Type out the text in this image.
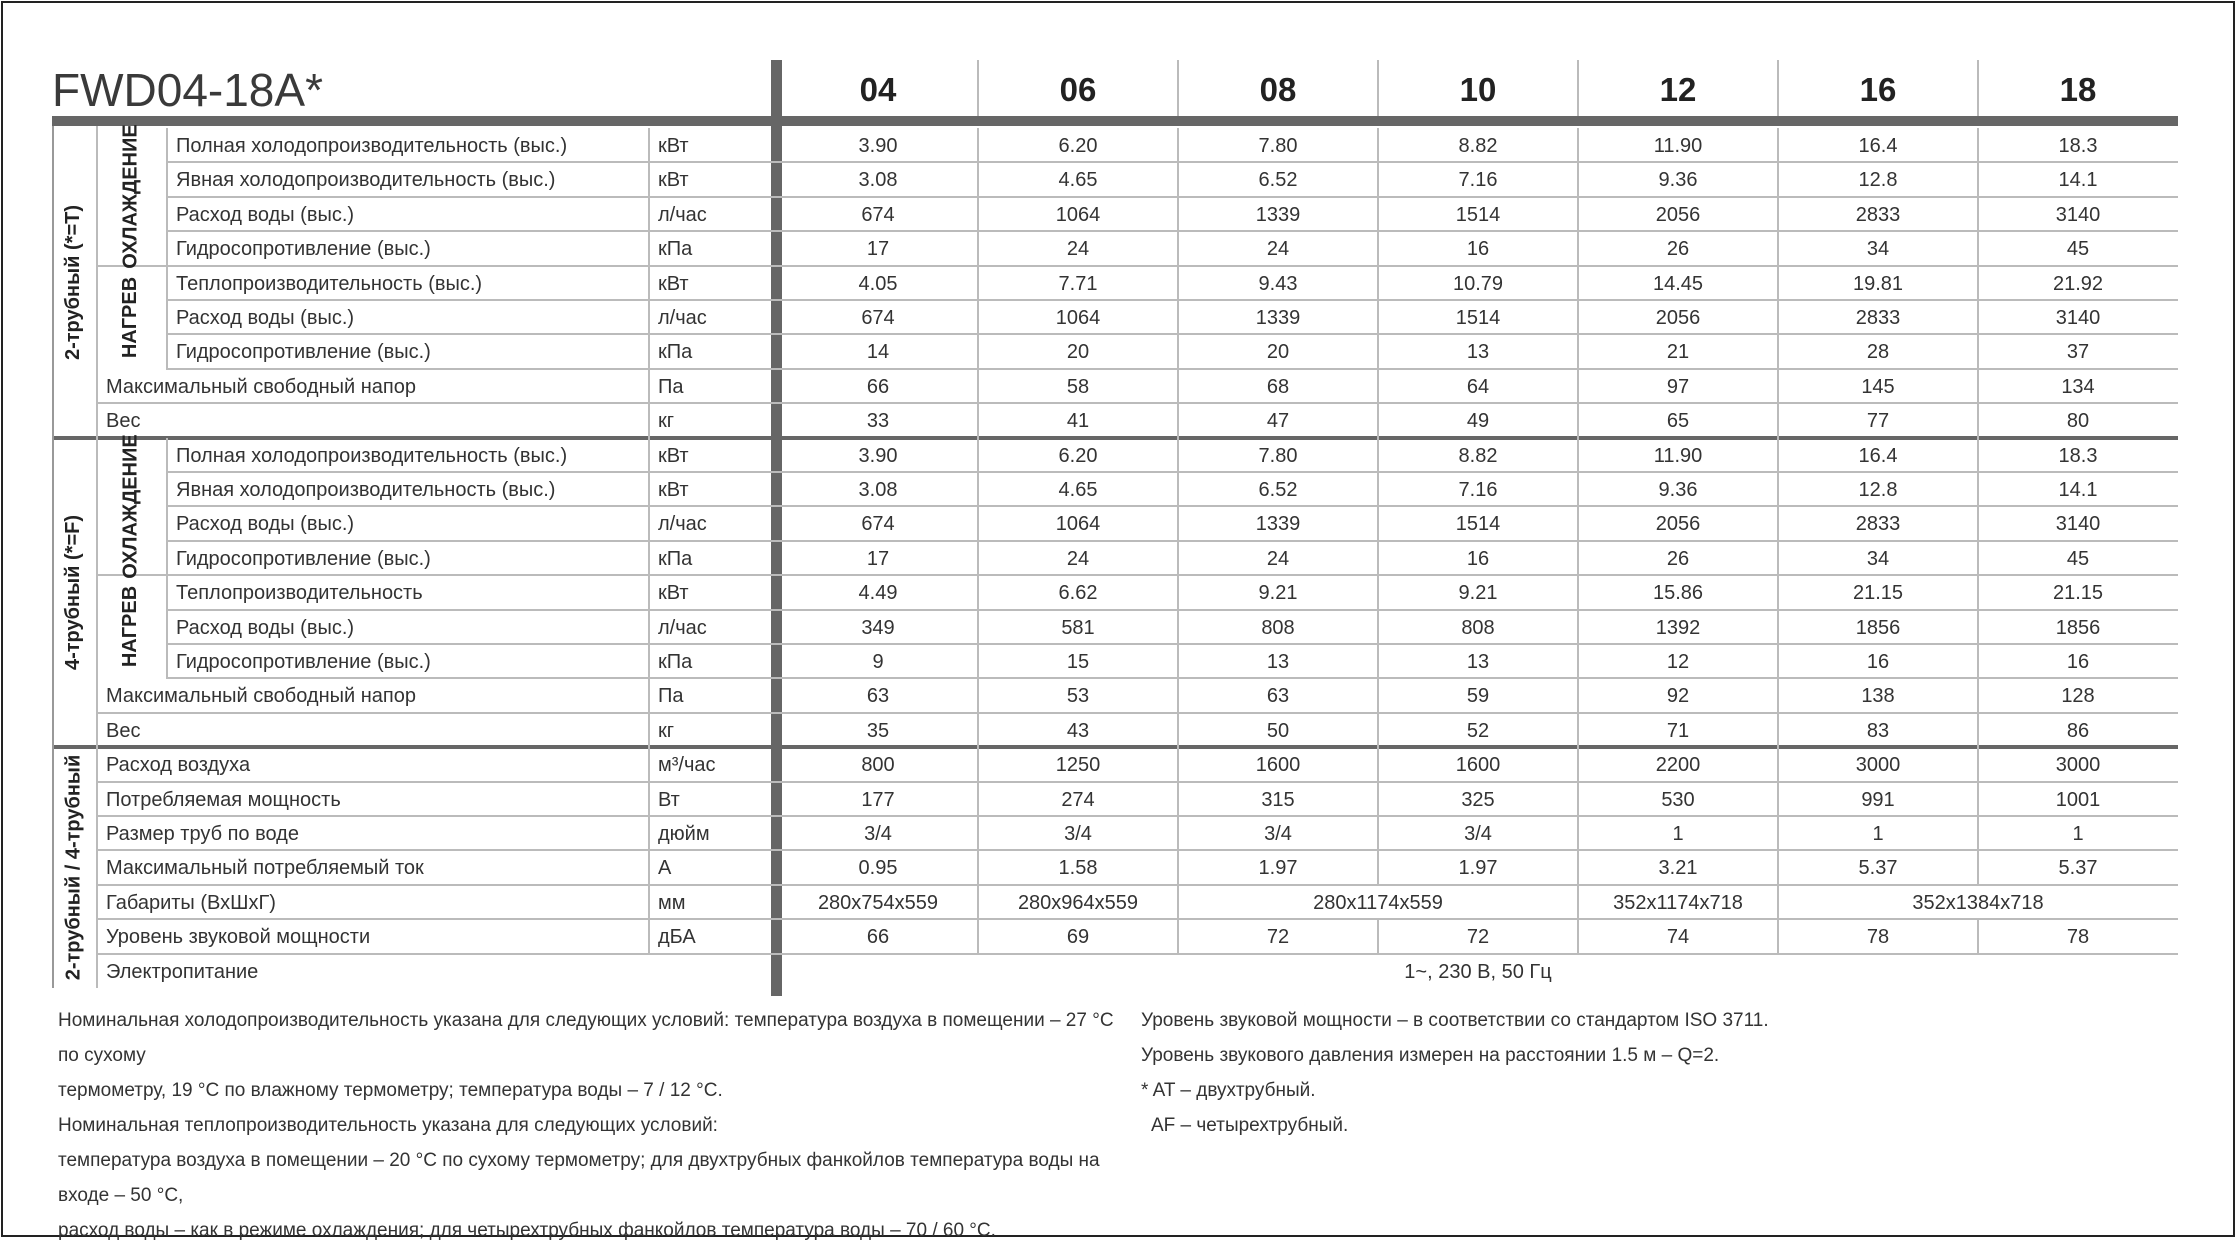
FWD04-18A*	04	06	08	10	12	16	18
2-трубный (*=T)
4-трубный (*=F)
2-трубный / 4-трубный
ОХЛАЖДЕНИЕ
НАГРЕВ
ОХЛАЖДЕНИЕ
НАГРЕВ
Полная холодопроизводительность (выс.)	кВт	3.90	6.20	7.80	8.82	11.90	16.4	18.3
Явная холодопроизводительность (выс.)	кВт	3.08	4.65	6.52	7.16	9.36	12.8	14.1
Расход воды (выс.)	л/час	674	1064	1339	1514	2056	2833	3140
Гидросопротивление (выс.)	кПа	17	24	24	16	26	34	45
Теплопроизводительность (выс.)	кВт	4.05	7.71	9.43	10.79	14.45	19.81	21.92
Расход воды (выс.)	л/час	674	1064	1339	1514	2056	2833	3140
Гидросопротивление (выс.)	кПа	14	20	20	13	21	28	37
Максимальный свободный напор	Па	66	58	68	64	97	145	134
Вес	кг	33	41	47	49	65	77	80
Полная холодопроизводительность (выс.)	кВт	3.90	6.20	7.80	8.82	11.90	16.4	18.3
Явная холодопроизводительность (выс.)	кВт	3.08	4.65	6.52	7.16	9.36	12.8	14.1
Расход воды (выс.)	л/час	674	1064	1339	1514	2056	2833	3140
Гидросопротивление (выс.)	кПа	17	24	24	16	26	34	45
Теплопроизводительность	кВт	4.49	6.62	9.21	9.21	15.86	21.15	21.15
Расход воды (выс.)	л/час	349	581	808	808	1392	1856	1856
Гидросопротивление (выс.)	кПа	9	15	13	13	12	16	16
Максимальный свободный напор	Па	63	53	63	59	92	138	128
Вес	кг	35	43	50	52	71	83	86
Расход воздуха	м³/час	800	1250	1600	1600	2200	3000	3000
Потребляемая мощность	Вт	177	274	315	325	530	991	1001
Размер труб по воде	дюйм	3/4	3/4	3/4	3/4	1	1	1
Максимальный потребляемый ток	А	0.95	1.58	1.97	1.97	3.21	5.37	5.37
Габариты (ВхШхГ)	мм	280x754x559	280x964x559	280x1174x559	352x1174x718	352x1384x718
Уровень звуковой мощности	дБА	66	69	72	72	74	78	78
Электропитание	1~, 230 В, 50 Гц
Номинальная холодопроизводительность указана для следующих условий: температура воздуха в помещении – 27 °С по сухому
термометру, 19 °С по влажному термометру; температура воды – 7 / 12 °С.
Номинальная теплопроизводительность указана для следующих условий:
температура воздуха в помещении – 20 °С по сухому термометру; для двухтрубных фанкойлов температура воды на входе – 50 °С,
расход воды – как в режиме охлаждения; для четырехтрубных фанкойлов температура воды – 70 / 60 °С.
Уровень звуковой мощности – в соответствии со стандартом ISO 3711.
Уровень звукового давления измерен на расстоянии 1.5 м – Q=2.
* AT – двухтрубный.
AF – четырехтрубный.
